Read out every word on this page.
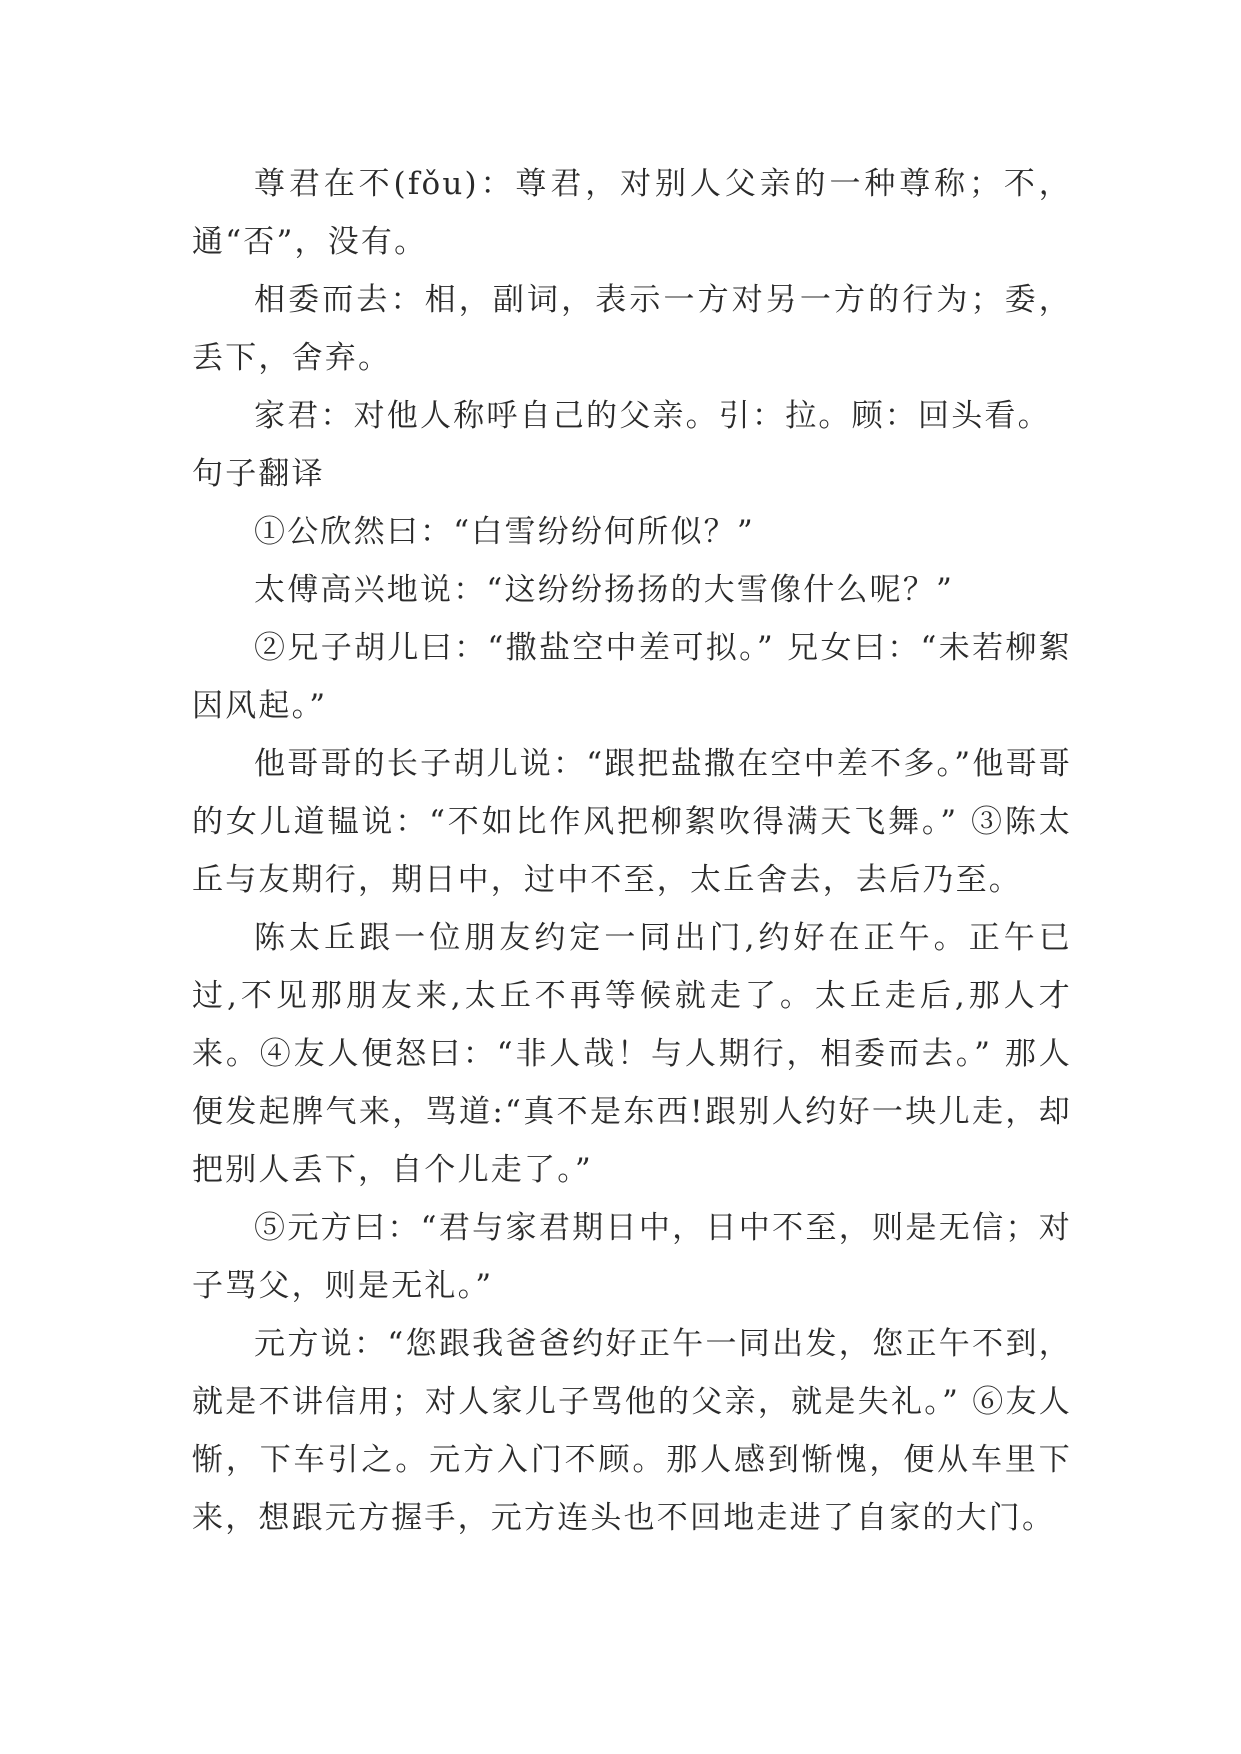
尊君在不(fǒu)：尊君，对别人父亲的一种尊称；不，通“否”，没有。

相委而去：相，副词，表示一方对另一方的行为；委，丢下，舍弃。

家君：对他人称呼自己的父亲。引：拉。顾：回头看。

句子翻译

①公欣然曰：“白雪纷纷何所似？”

太傅高兴地说：“这纷纷扬扬的大雪像什么呢？”

②兄子胡儿曰：“撒盐空中差可拟。” 兄女曰：“未若柳絮因风起。”

他哥哥的长子胡儿说：“跟把盐撒在空中差不多。”他哥哥的女儿道韫说：“不如比作风把柳絮吹得满天飞舞。” ③陈太丘与友期行，期日中，过中不至，太丘舍去，去后乃至。

陈太丘跟一位朋友约定一同出门,约好在正午。正午已过,不见那朋友来,太丘不再等候就走了。太丘走后,那人才来。④友人便怒曰：“非人哉！与人期行，相委而去。” 那人便发起脾气来，骂道:“真不是东西!跟别人约好一块儿走，却把别人丢下，自个儿走了。”

⑤元方曰：“君与家君期日中，日中不至，则是无信；对子骂父，则是无礼。”

元方说：“您跟我爸爸约好正午一同出发，您正午不到，就是不讲信用；对人家儿子骂他的父亲，就是失礼。” ⑥友人惭，下车引之。元方入门不顾。那人感到惭愧，便从车里下来，想跟元方握手，元方连头也不回地走进了自家的大门。
